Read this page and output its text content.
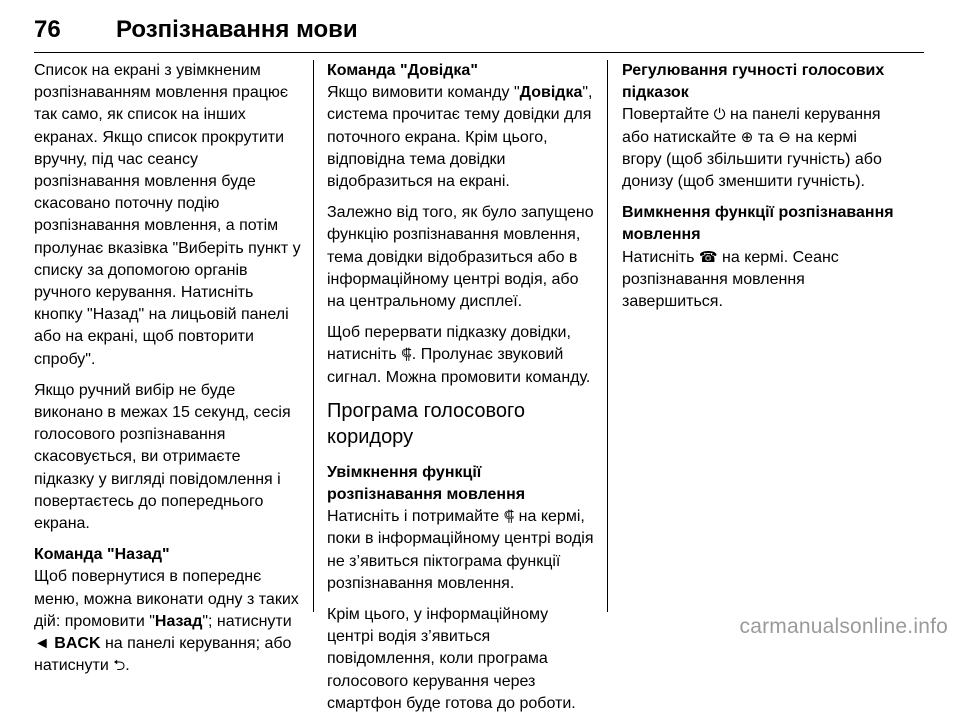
76 Розпізнавання мови

Список на екрані з увімкненим розпізнаванням мовлення працює так само, як список на інших екранах. Якщо список прокрутити вручну, під час сеансу розпізнавання мовлення буде скасовано поточну подію розпізнавання мовлення, а потім пролунає вказівка "Виберіть пункт у списку за допомогою органів ручного керування. Натисніть кнопку "Назад" на лицьовій панелі або на екрані, щоб повторити спробу".

Якщо ручний вибір не буде виконано в межах 15 секунд, сесія голосового розпізнавання скасовується, ви отримаєте підказку у вигляді повідомлення і повертаєтесь до попереднього екрана.

Команда "Назад"

Щоб повернутися в попереднє меню, можна виконати одну з таких дій: промовити "Назад"; натиснути ◄ BACK на панелі керування; або натиснути ⮌.

Команда "Довідка"

Якщо вимовити команду "Довідка", система прочитає тему довідки для поточного екрана. Крім цього, відповідна тема довідки відобразиться на екрані.

Залежно від того, як було запущено функцію розпізнавання мовлення, тема довідки відобразиться або в інформаційному центрі водія, або на центральному дисплеї.

Щоб перервати підказку довідки, натисніть ⸿. Пролунає звуковий сигнал. Можна промовити команду.

Програма голосового коридору
Увімкнення функції розпізнавання мовлення

Натисніть і потримайте ⸿ на кермі, поки в інформаційному центрі водія не з’явиться піктограма функції розпізнавання мовлення.

Крім цього, у інформаційному центрі водія з’явиться повідомлення, коли програма голосового керування через смартфон буде готова до роботи.

Регулювання гучності голосових підказок

Повертайте ⏻ на панелі керування або натискайте ⊕ та ⊖ на кермі вгору (щоб збільшити гучність) або донизу (щоб зменшити гучність).

Вимкнення функції розпізнавання мовлення

Натисніть ☎ на кермі. Сеанс розпізнавання мовлення завершиться.

carmanualsonline.info
